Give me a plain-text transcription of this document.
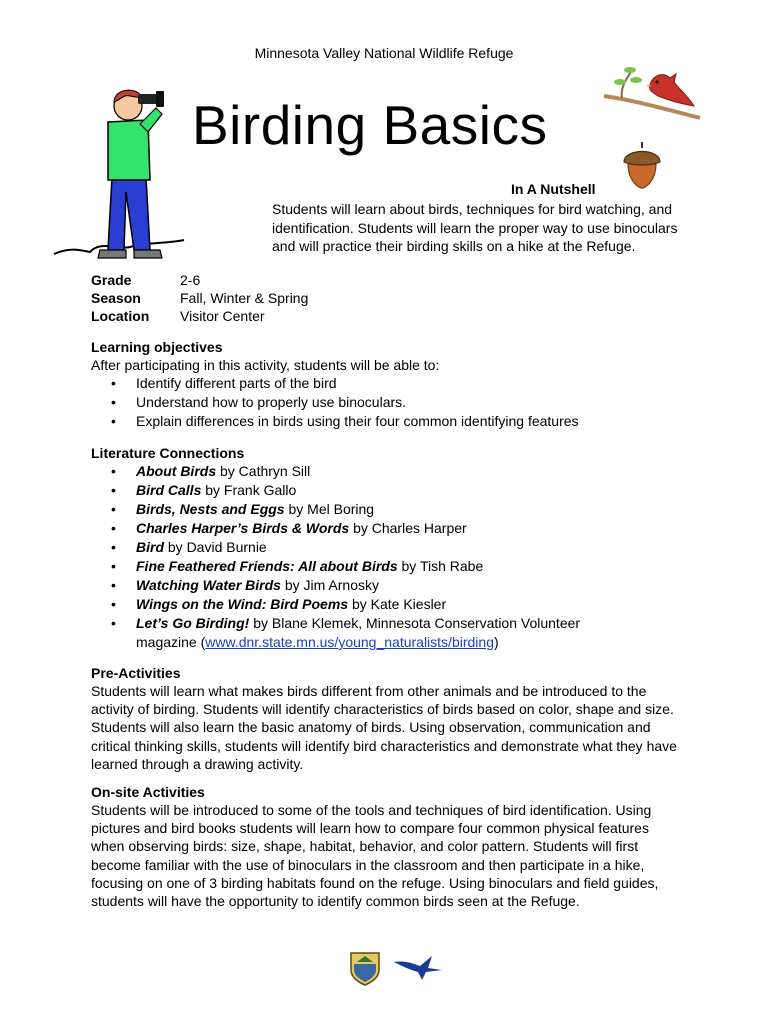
Minnesota Valley National Wildlife Refuge
Birding Basics
In A Nutshell
Students will learn about birds, techniques for bird watching, and identification. Students will learn the proper way to use binoculars and will practice their birding skills on a hike at the Refuge.
Grade	2-6
Season	Fall, Winter & Spring
Location	Visitor Center
Learning objectives

After participating in this activity, students will be able to:

• Identify different parts of the bird
• Understand how to properly use binoculars.
• Explain differences in birds using their four common identifying features
Literature Connections
• About Birds by Cathryn Sill
• Bird Calls by Frank Gallo
• Birds, Nests and Eggs by Mel Boring
• Charles Harper’s Birds & Words by Charles Harper
• Bird by David Burnie
• Fine Feathered Friends: All about Birds by Tish Rabe
• Watching Water Birds by Jim Arnosky
• Wings on the Wind: Bird Poems by Kate Kiesler
• Let’s Go Birding! by Blane Klemek, Minnesota Conservation Volunteer magazine (www.dnr.state.mn.us/young_naturalists/birding)
Pre-Activities

Students will learn what makes birds different from other animals and be introduced to the activity of birding. Students will identify characteristics of birds based on color, shape and size. Students will also learn the basic anatomy of birds. Using observation, communication and critical thinking skills, students will identify bird characteristics and demonstrate what they have learned through a drawing activity.

On-site Activities

Students will be introduced to some of the tools and techniques of bird identification. Using pictures and bird books students will learn how to compare four common physical features when observing birds: size, shape, habitat, behavior, and color pattern. Students will first become familiar with the use of binoculars in the classroom and then participate in a hike, focusing on one of 3 birding habitats found on the refuge. Using binoculars and field guides, students will have the opportunity to identify common birds seen at the Refuge.
